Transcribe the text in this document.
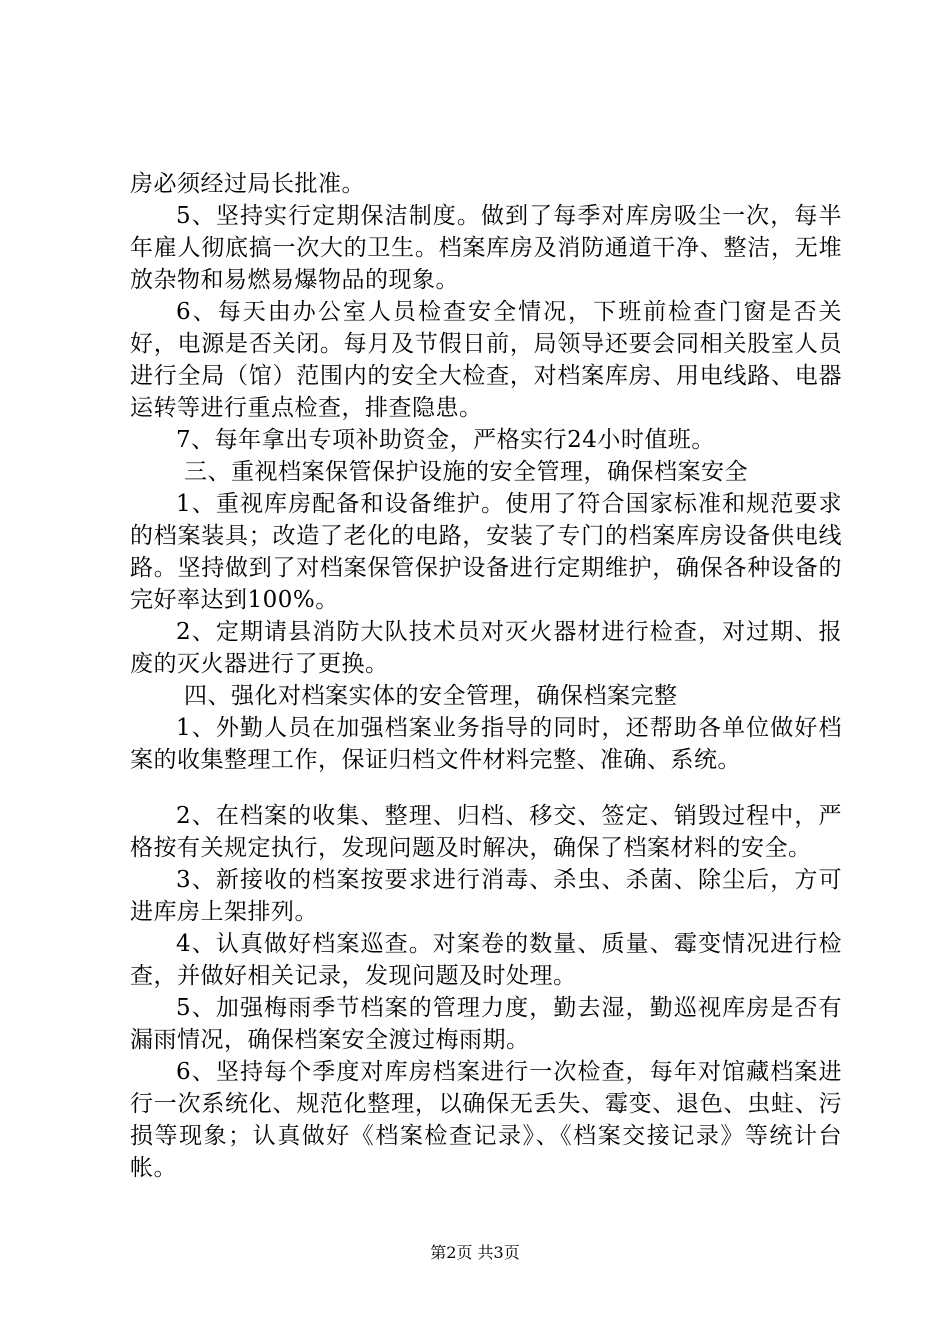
房必须经过局长批准。

5、坚持实行定期保洁制度。做到了每季对库房吸尘一次，每半年雇人彻底搞一次大的卫生。档案库房及消防通道干净、整洁，无堆放杂物和易燃易爆物品的现象。

6、每天由办公室人员检查安全情况，下班前检查门窗是否关好，电源是否关闭。每月及节假日前，局领导还要会同相关股室人员进行全局（馆）范围内的安全大检查，对档案库房、用电线路、电器运转等进行重点检查，排查隐患。

7、每年拿出专项补助资金，严格实行24小时值班。

三、重视档案保管保护设施的安全管理，确保档案安全

1、重视库房配备和设备维护。使用了符合国家标准和规范要求的档案装具；改造了老化的电路，安装了专门的档案库房设备供电线路。坚持做到了对档案保管保护设备进行定期维护，确保各种设备的完好率达到100%。

2、定期请县消防大队技术员对灭火器材进行检查，对过期、报废的灭火器进行了更换。

四、强化对档案实体的安全管理，确保档案完整

1、外勤人员在加强档案业务指导的同时，还帮助各单位做好档案的收集整理工作，保证归档文件材料完整、准确、系统。

2、在档案的收集、整理、归档、移交、签定、销毁过程中，严格按有关规定执行，发现问题及时解决，确保了档案材料的安全。

3、新接收的档案按要求进行消毒、杀虫、杀菌、除尘后，方可进库房上架排列。

4、认真做好档案巡查。对案卷的数量、质量、霉变情况进行检查，并做好相关记录，发现问题及时处理。

5、加强梅雨季节档案的管理力度，勤去湿，勤巡视库房是否有漏雨情况，确保档案安全渡过梅雨期。

6、坚持每个季度对库房档案进行一次检查，每年对馆藏档案进行一次系统化、规范化整理，以确保无丢失、霉变、退色、虫蛀、污损等现象；认真做好《档案检查记录》、《档案交接记录》等统计台帐。

第2页 共3页
